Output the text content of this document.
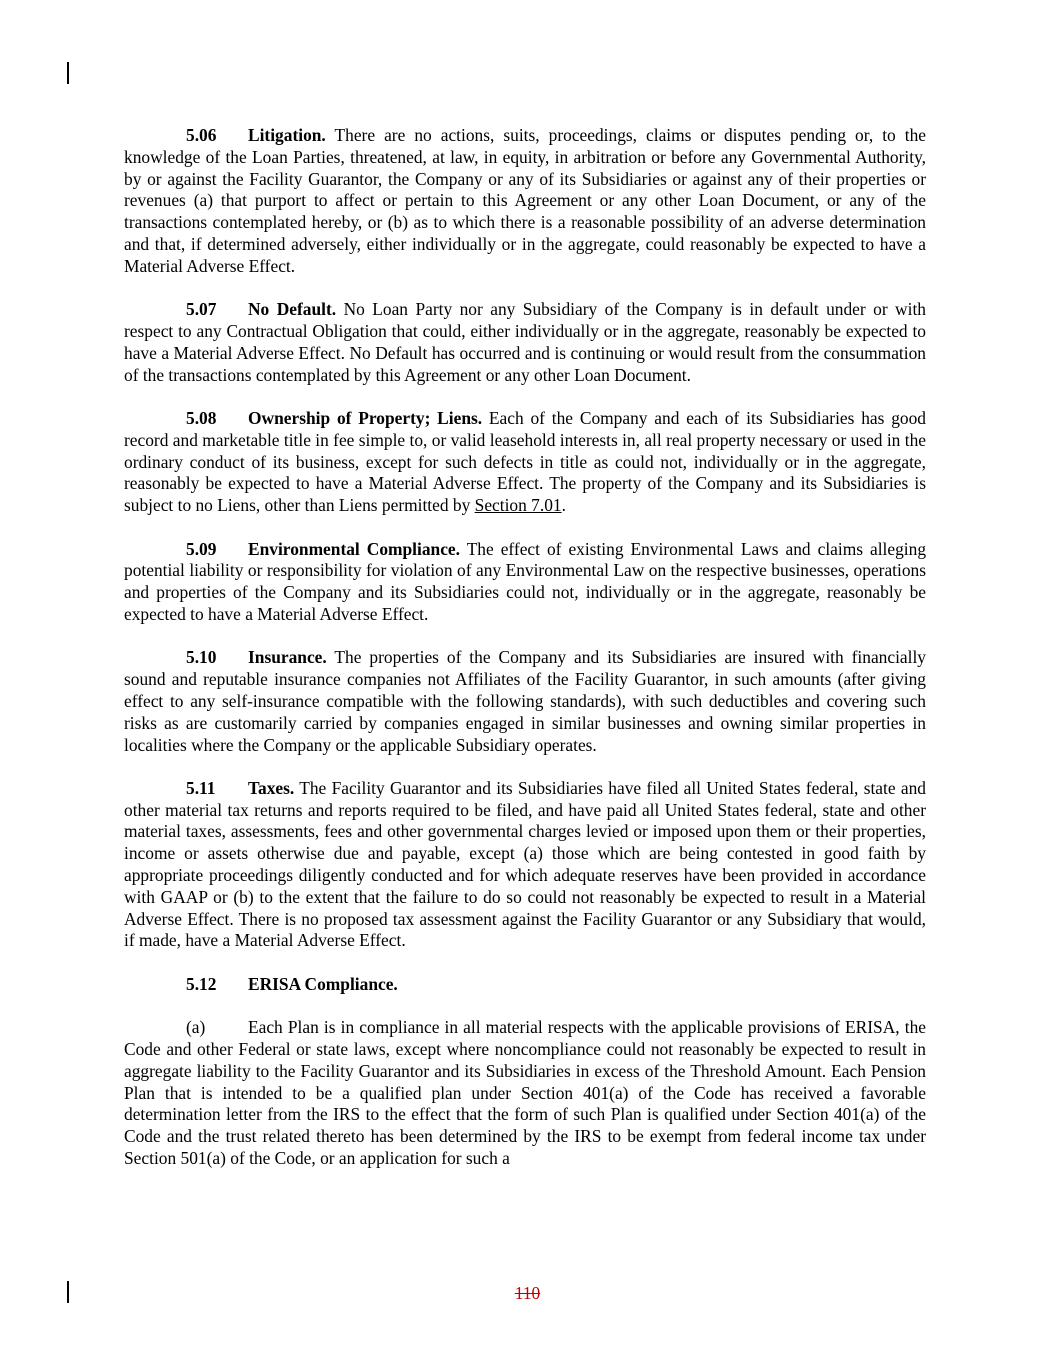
5.06 Litigation. There are no actions, suits, proceedings, claims or disputes pending or, to the knowledge of the Loan Parties, threatened, at law, in equity, in arbitration or before any Governmental Authority, by or against the Facility Guarantor, the Company or any of its Subsidiaries or against any of their properties or revenues (a) that purport to affect or pertain to this Agreement or any other Loan Document, or any of the transactions contemplated hereby, or (b) as to which there is a reasonable possibility of an adverse determination and that, if determined adversely, either individually or in the aggregate, could reasonably be expected to have a Material Adverse Effect.

5.07 No Default. No Loan Party nor any Subsidiary of the Company is in default under or with respect to any Contractual Obligation that could, either individually or in the aggregate, reasonably be expected to have a Material Adverse Effect. No Default has occurred and is continuing or would result from the consummation of the transactions contemplated by this Agreement or any other Loan Document.

5.08 Ownership of Property; Liens. Each of the Company and each of its Subsidiaries has good record and marketable title in fee simple to, or valid leasehold interests in, all real property necessary or used in the ordinary conduct of its business, except for such defects in title as could not, individually or in the aggregate, reasonably be expected to have a Material Adverse Effect. The property of the Company and its Subsidiaries is subject to no Liens, other than Liens permitted by Section 7.01.

5.09 Environmental Compliance. The effect of existing Environmental Laws and claims alleging potential liability or responsibility for violation of any Environmental Law on the respective businesses, operations and properties of the Company and its Subsidiaries could not, individually or in the aggregate, reasonably be expected to have a Material Adverse Effect.

5.10 Insurance. The properties of the Company and its Subsidiaries are insured with financially sound and reputable insurance companies not Affiliates of the Facility Guarantor, in such amounts (after giving effect to any self-insurance compatible with the following standards), with such deductibles and covering such risks as are customarily carried by companies engaged in similar businesses and owning similar properties in localities where the Company or the applicable Subsidiary operates.

5.11 Taxes. The Facility Guarantor and its Subsidiaries have filed all United States federal, state and other material tax returns and reports required to be filed, and have paid all United States federal, state and other material taxes, assessments, fees and other governmental charges levied or imposed upon them or their properties, income or assets otherwise due and payable, except (a) those which are being contested in good faith by appropriate proceedings diligently conducted and for which adequate reserves have been provided in accordance with GAAP or (b) to the extent that the failure to do so could not reasonably be expected to result in a Material Adverse Effect. There is no proposed tax assessment against the Facility Guarantor or any Subsidiary that would, if made, have a Material Adverse Effect.

5.12 ERISA Compliance.

(a) Each Plan is in compliance in all material respects with the applicable provisions of ERISA, the Code and other Federal or state laws, except where noncompliance could not reasonably be expected to result in aggregate liability to the Facility Guarantor and its Subsidiaries in excess of the Threshold Amount. Each Pension Plan that is intended to be a qualified plan under Section 401(a) of the Code has received a favorable determination letter from the IRS to the effect that the form of such Plan is qualified under Section 401(a) of the Code and the trust related thereto has been determined by the IRS to be exempt from federal income tax under Section 501(a) of the Code, or an application for such a

110
